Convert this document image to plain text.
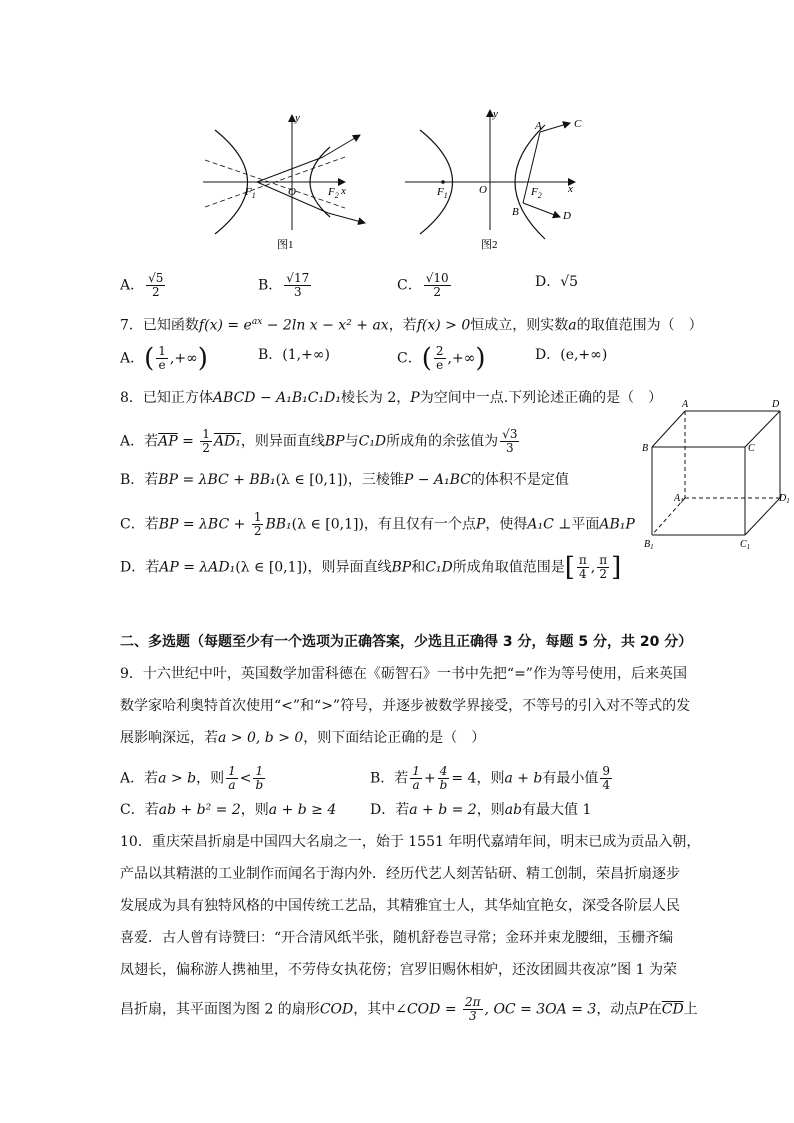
$F_1$	O	$F_2$ x
y
图1
$F_1$	O	$F_2$
x
y
A	C
B	D
图2
A． $\frac{√5}{2}$	B． $\frac{√17}{3}$	C． $\frac{√10}{2}$	D．√5
7．已知函数$f(x) = e^{ax} - 2\ln$ x − x² + ax，若f(x) > 0恒成立，则实数a的取值范围为（　）
A．( $\frac{1}{e}$ ,+∞)	B．(1,+∞)	C．( $\frac{2}{e}$ ,+∞)	D．(e,+∞)
8．已知正方体ABCD − A₁B₁C₁D₁棱长为 2，P为空间中一点.下列论述正确的是（　）
A．若$\overline{AP} = \frac{1}{2} AD_1$，则异面直线BP与C₁D所成角的余弦值为 $\frac{√3}{3}$
B．若BP = λBC + BB₁(λ ∈ [0,1])，三棱锥P − A₁BC的体积不是定值
C．若BP = $\lambda BC + \frac{1}{2} BB_1(\lambda$ ∈ [0,1])，有且仅有一个点P，使得A₁C ⊥平面AB₁P
D．若AP = λAD₁(λ ∈ [0,1])，则异面直线BP和C₁D所成角取值范围是[ $\frac{\pi}{4}$ , $\frac{\pi}{2}$ ]
A	D
B	C
$A_1$	$D_1$
$B_1$	$C_1$
二、多选题（每题至少有一个选项为正确答案，少选且正确得 3 分，每题 5 分，共 20 分）
9．十六世纪中叶，英国数学加雷科德在《砺智石》一书中先把“=”作为等号使用，后来英国
数学家哈利奥特首次使用“<”和“>”符号，并逐步被数学界接受，不等号的引入对不等式的发
展影响深远，若a > 0, b > 0，则下面结论正确的是（　）
A．若a > b，则 $\frac{1}{a} < \frac{1}{b}$	B．若 $\frac{1}{a} + \frac{4}{b} = 4$，则a + b有最小值 $\frac{9}{4}$
C．若ab + b² = 2，则a + b ≥ 4 D．若a + b = 2，则ab有最大值 1
10．重庆荣昌折扇是中国四大名扇之一，始于 1551 年明代嘉靖年间，明末已成为贡品入朝，
产品以其精湛的工业制作而闻名于海内外．经历代艺人刻苦钻研、精工创制，荣昌折扇逐步
发展成为具有独特风格的中国传统工艺品，其精雅宜士人，其华灿宜艳女，深受各阶层人民
喜爱．古人曾有诗赞曰：“开合清风纸半张，随机舒卷岂寻常；金环并束龙腰细，玉栅齐编
凤翅长，偏称游人携袖里，不劳侍女执花傍；宫罗旧赐休相妒，还汝团圆共夜凉”图 1 为荣
昌折扇，其平面图为图 2 的扇形COD，其中∠COD = $\frac{2\pi}{3}$ , OC = 3OA = 3，动点P在$\overline{CD}$上
